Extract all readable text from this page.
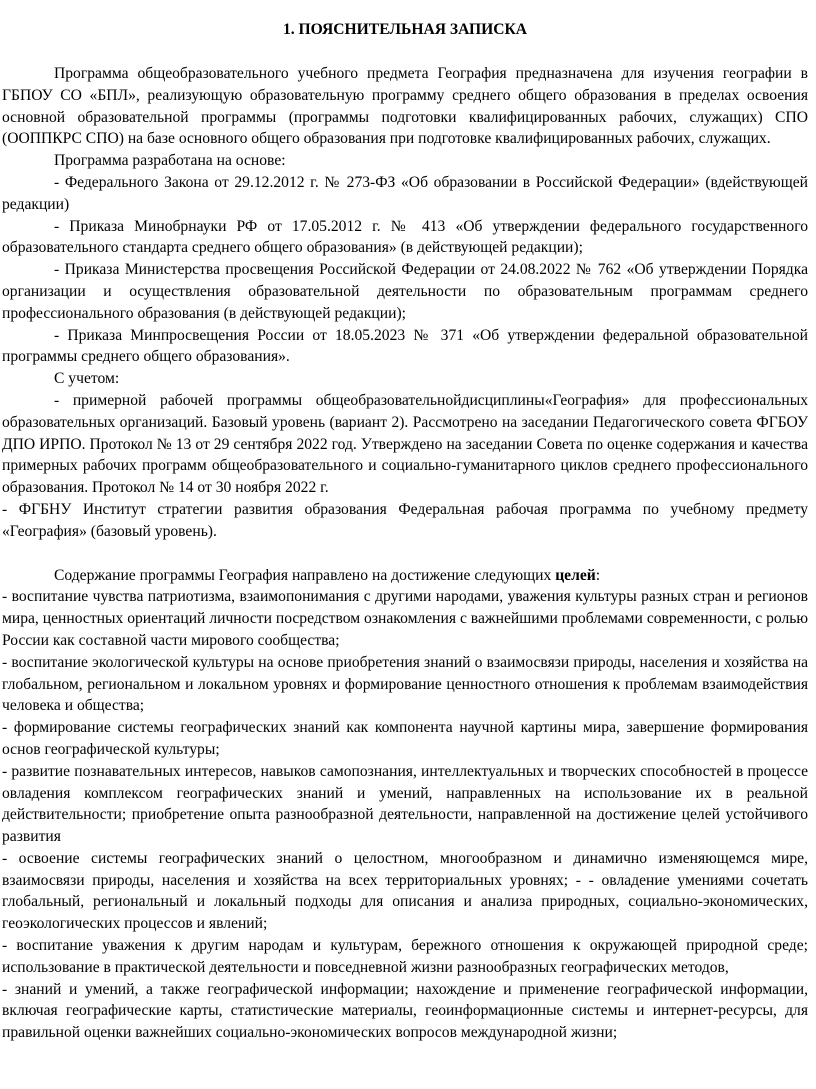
1. ПОЯСНИТЕЛЬНАЯ ЗАПИСКА

Программа общеобразовательного учебного предмета География предназначена для изучения географии в ГБПОУ СО «БПЛ», реализующую образовательную программу среднего общего образования в пределах освоения основной образовательной программы (программы подготовки квалифицированных рабочих, служащих) СПО (ООППКРС СПО) на базе основного общего образования при подготовке квалифицированных рабочих, служащих.

Программа разработана на основе:

- Федерального Закона от 29.12.2012 г. № 273-ФЗ «Об образовании в Российской Федерации» (вдействующей редакции)

- Приказа Минобрнауки РФ от 17.05.2012 г. № 413 «Об утверждении федерального государственного образовательного стандарта среднего общего образования» (в действующей редакции);

- Приказа Министерства просвещения Российской Федерации от 24.08.2022 № 762 «Об утверждении Порядка организации и осуществления образовательной деятельности по образовательным программам среднего профессионального образования (в действующей редакции);

- Приказа Минпросвещения России от 18.05.2023 № 371 «Об утверждении федеральной образовательной программы среднего общего образования».

С учетом:

- примерной рабочей программы общеобразовательнойдисциплины«География» для профессиональных образовательных организаций. Базовый уровень (вариант 2). Рассмотрено на заседании Педагогического совета ФГБОУ ДПО ИРПО. Протокол № 13 от 29 сентября 2022 год. Утверждено на заседании Совета по оценке содержания и качества примерных рабочих программ общеобразовательного и социально-гуманитарного циклов среднего профессионального образования. Протокол № 14 от 30 ноября 2022 г.

- ФГБНУ Институт стратегии развития образования Федеральная рабочая программа по учебному предмету «География» (базовый уровень).

Содержание программы География направлено на достижение следующих целей:

- воспитание чувства патриотизма, взаимопонимания с другими народами, уважения культуры разных стран и регионов мира, ценностных ориентаций личности посредством ознакомления с важнейшими проблемами современности, с ролью России как составной части мирового сообщества;

- воспитание экологической культуры на основе приобретения знаний о взаимосвязи природы, населения и хозяйства на глобальном, региональном и локальном уровнях и формирование ценностного отношения к проблемам взаимодействия человека и общества;

- формирование системы географических знаний как компонента научной картины мира, завершение формирования основ географической культуры;

- развитие познавательных интересов, навыков самопознания, интеллектуальных и творческих способностей в процессе овладения комплексом географических знаний и умений, направленных на использование их в реальной действительности; приобретение опыта разнообразной деятельности, направленной на достижение целей устойчивого развития

- освоение системы географических знаний о целостном, многообразном и динамично изменяющемся мире, взаимосвязи природы, населения и хозяйства на всех территориальных уровнях; - - овладение умениями сочетать глобальный, региональный и локальный подходы для описания и анализа природных, социально-экономических, геоэкологических процессов и явлений;

- воспитание уважения к другим народам и культурам, бережного отношения к окружающей природной среде; использование в практической деятельности и повседневной жизни разнообразных географических методов,

- знаний и умений, а также географической информации; нахождение и применение географической информации, включая географические карты, статистические материалы, геоинформационные системы и интернет-ресурсы, для правильной оценки важнейших социально-экономических вопросов международной жизни;
